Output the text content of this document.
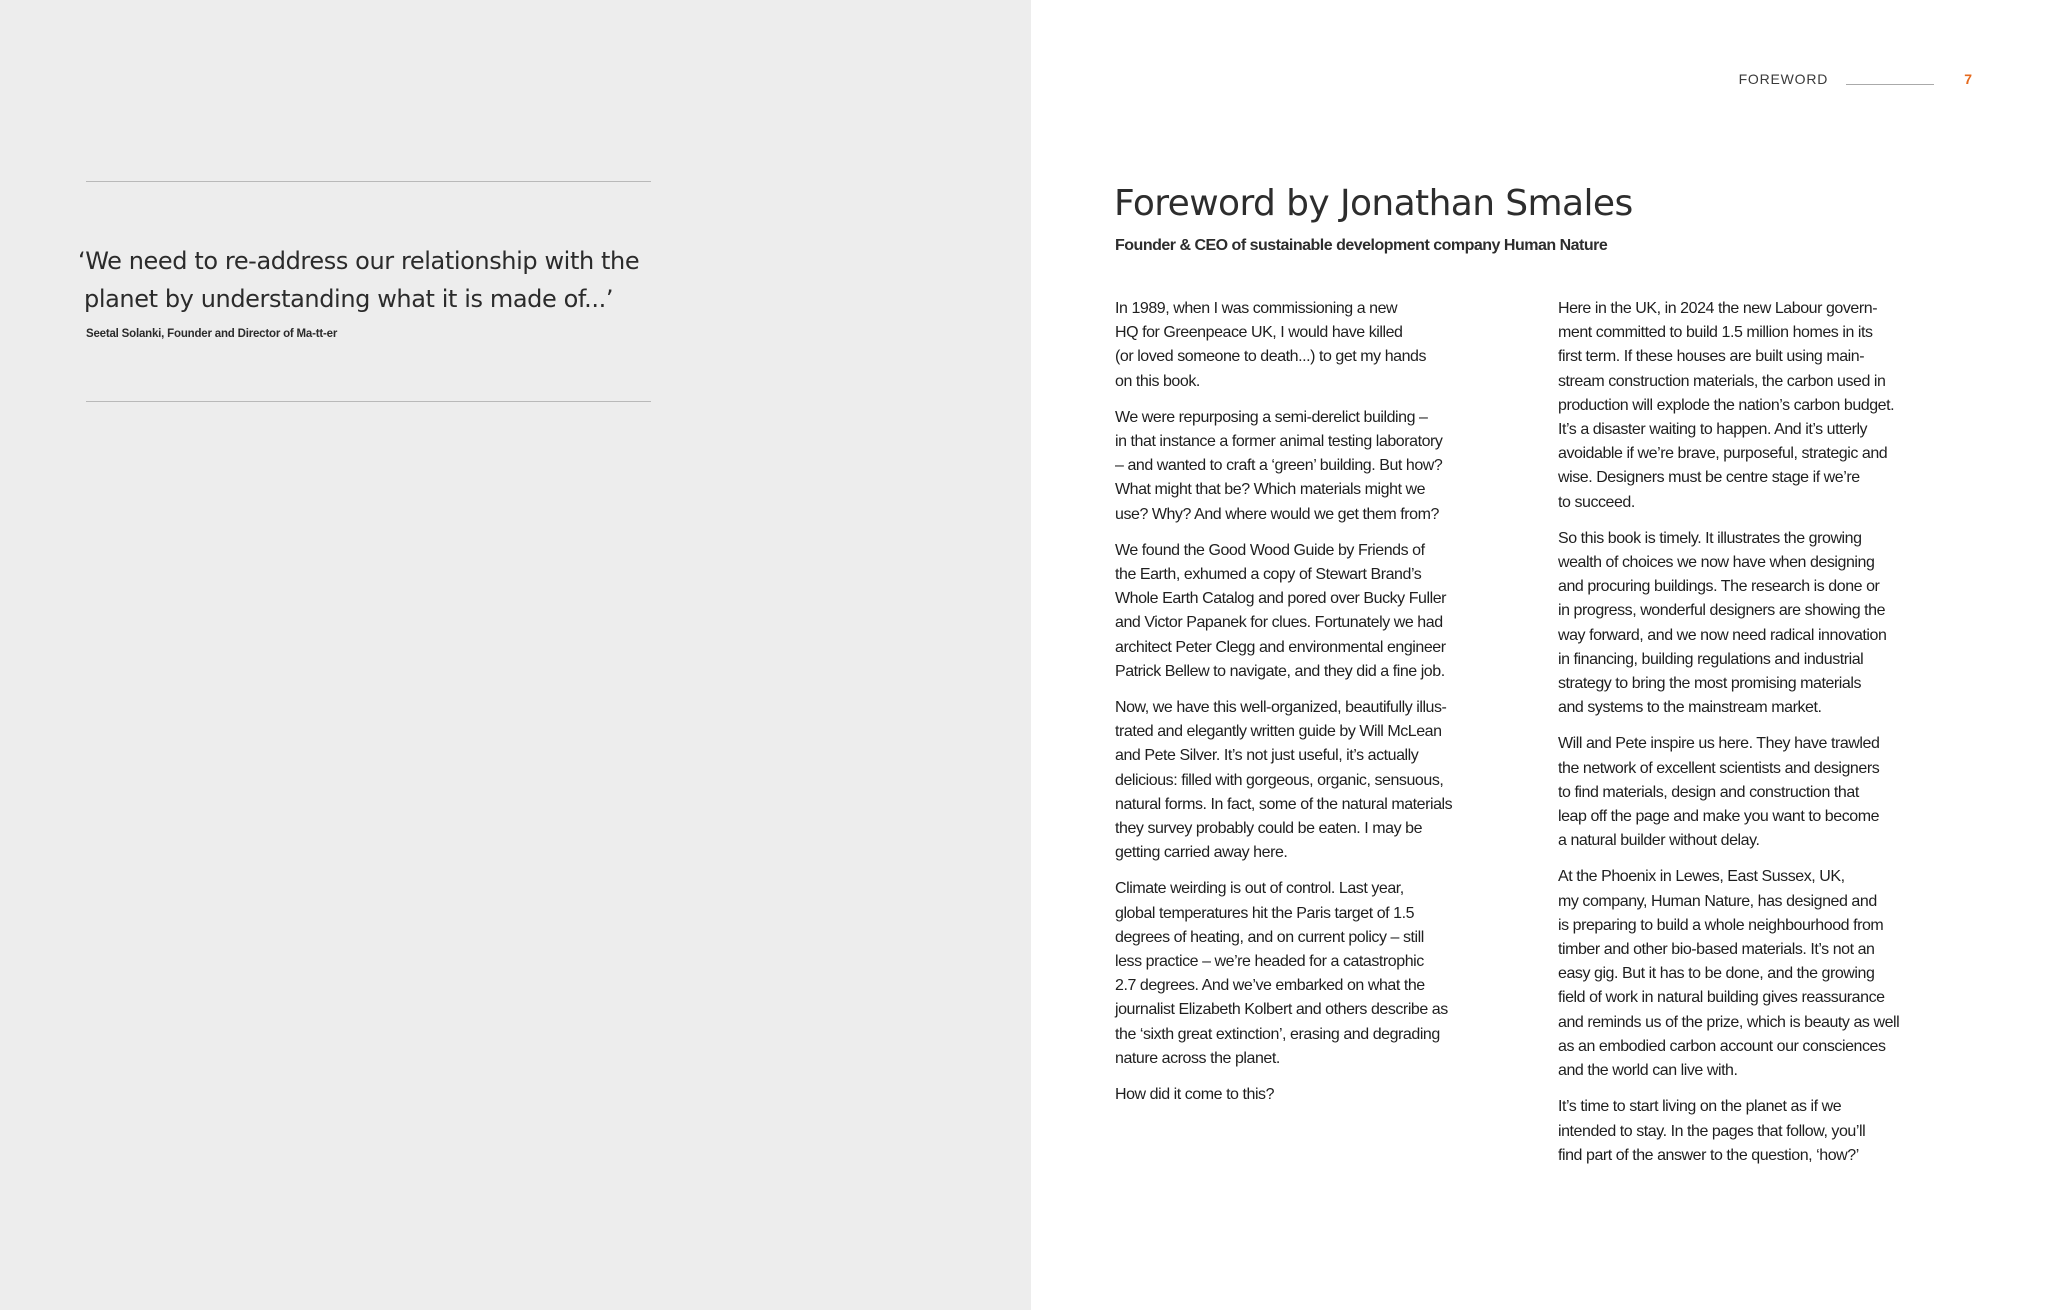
‘We need to re-address our relationship with the
planet by understanding what it is made of...’
Seetal Solanki, Founder and Director of Ma-tt-er
FOREWORD	7
Foreword by Jonathan Smales

Founder & CEO of sustainable development company Human Nature

In 1989, when I was commissioning a new
HQ for Greenpeace UK, I would have killed
(or loved someone to death...) to get my hands
on this book.

We were repurposing a semi-derelict building –
in that instance a former animal testing laboratory
– and wanted to craft a ‘green’ building. But how?
What might that be? Which materials might we
use? Why? And where would we get them from?

We found the Good Wood Guide by Friends of
the Earth, exhumed a copy of Stewart Brand’s
Whole Earth Catalog and pored over Bucky Fuller
and Victor Papanek for clues. Fortunately we had
architect Peter Clegg and environmental engineer
Patrick Bellew to navigate, and they did a fine job.

Now, we have this well-organized, beautifully illus-
trated and elegantly written guide by Will McLean
and Pete Silver. It’s not just useful, it’s actually
delicious: filled with gorgeous, organic, sensuous,
natural forms. In fact, some of the natural materials
they survey probably could be eaten. I may be
getting carried away here.

Climate weirding is out of control. Last year,
global temperatures hit the Paris target of 1.5
degrees of heating, and on current policy – still
less practice – we’re headed for a catastrophic
2.7 degrees. And we’ve embarked on what the
journalist Elizabeth Kolbert and others describe as
the ‘sixth great extinction’, erasing and degrading
nature across the planet.

How did it come to this?

Here in the UK, in 2024 the new Labour govern-
ment committed to build 1.5 million homes in its
first term. If these houses are built using main-
stream construction materials, the carbon used in
production will explode the nation’s carbon budget.
It’s a disaster waiting to happen. And it’s utterly
avoidable if we’re brave, purposeful, strategic and
wise. Designers must be centre stage if we’re
to succeed.

So this book is timely. It illustrates the growing
wealth of choices we now have when designing
and procuring buildings. The research is done or
in progress, wonderful designers are showing the
way forward, and we now need radical innovation
in financing, building regulations and industrial
strategy to bring the most promising materials
and systems to the mainstream market.

Will and Pete inspire us here. They have trawled
the network of excellent scientists and designers
to find materials, design and construction that
leap off the page and make you want to become
a natural builder without delay.

At the Phoenix in Lewes, East Sussex, UK,
my company, Human Nature, has designed and
is preparing to build a whole neighbourhood from
timber and other bio-based materials. It’s not an
easy gig. But it has to be done, and the growing
field of work in natural building gives reassurance
and reminds us of the prize, which is beauty as well
as an embodied carbon account our consciences
and the world can live with.

It’s time to start living on the planet as if we
intended to stay. In the pages that follow, you’ll
find part of the answer to the question, ‘how?’
